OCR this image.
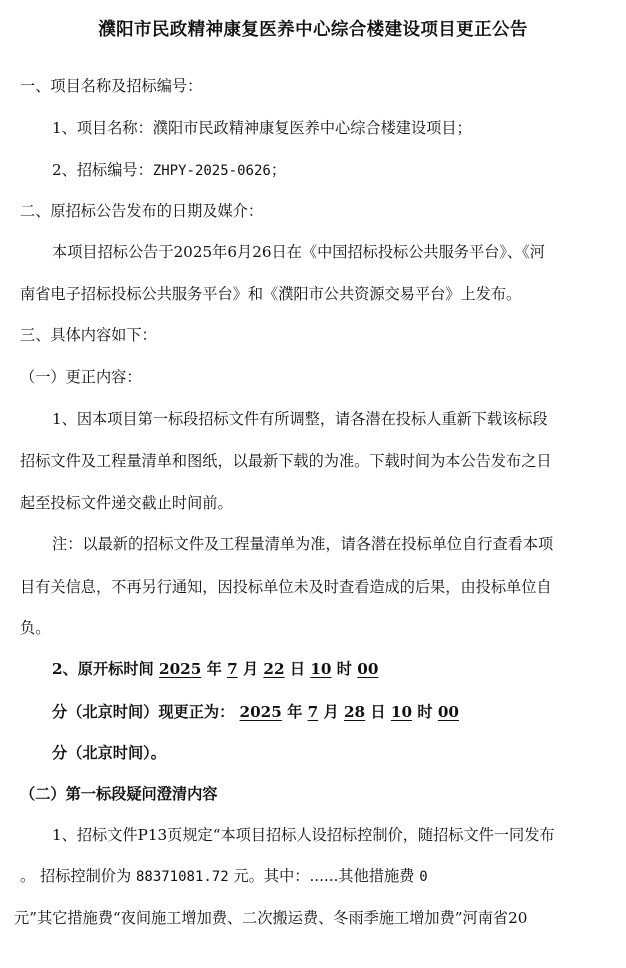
濮阳市民政精神康复医养中心综合楼建设项目更正公告
一、项目名称及招标编号：
1、项目名称：濮阳市民政精神康复医养中心综合楼建设项目；
2、招标编号：ZHPY-2025-0626；
二、原招标公告发布的日期及媒介：
本项目招标公告于2025年6月26日在《中国招标投标公共服务平台》、《河
南省电子招标投标公共服务平台》和《濮阳市公共资源交易平台》上发布。
三、具体内容如下：
（一）更正内容：
1、因本项目第一标段招标文件有所调整，请各潜在投标人重新下载该标段
招标文件及工程量清单和图纸，以最新下载的为准。下载时间为本公告发布之日
起至投标文件递交截止时间前。
注：以最新的招标文件及工程量清单为准，请各潜在投标单位自行查看本项
目有关信息，不再另行通知，因投标单位未及时查看造成的后果，由投标单位自
负。
2、原开标时间 2025 年 7 月 22 日 10 时 00
分（北京时间）现更正为： 2025 年 7 月 28 日 10 时 00
分（北京时间）。
（二）第一标段疑问澄清内容
1、招标文件P13页规定“本项目招标人设招标控制价，随招标文件一同发布
。 招标控制价为 88371081.72 元。其中：......其他措施费 0
元”其它措施费“夜间施工增加费、二次搬运费、冬雨季施工增加费”河南省20
